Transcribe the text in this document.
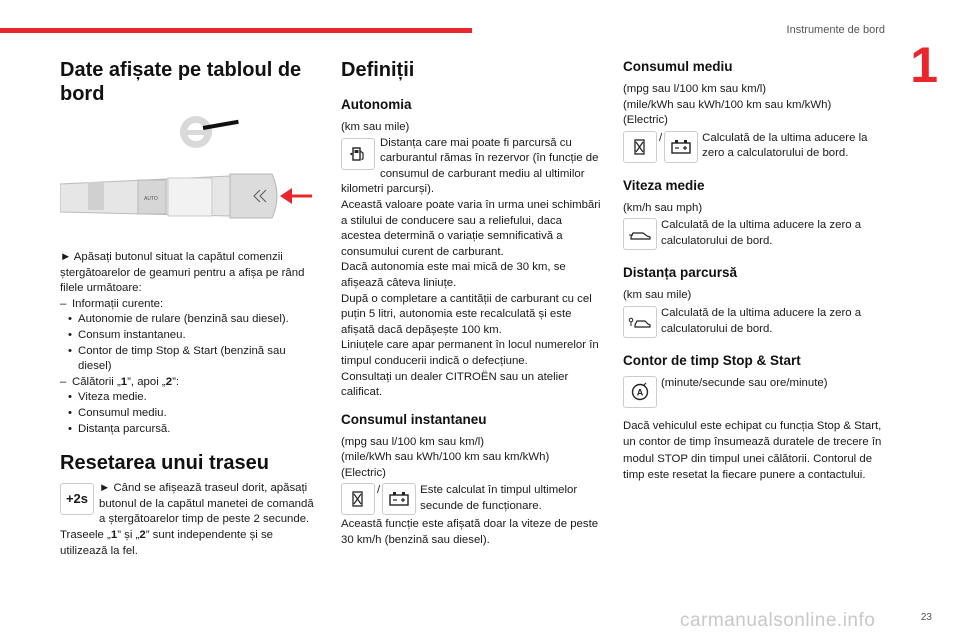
Instrumente de bord
1
Date afișate pe tabloul de bord
AUTO

► Apăsați butonul situat la capătul comenzii ștergătoarelor de geamuri pentru a afișa pe rând filele următoare:

– Informații curente:
• Autonomie de rulare (benzină sau diesel).
• Consum instantaneu.
• Contor de timp Stop & Start (benzină sau diesel)
– Călătorii „1”, apoi „2”:
• Viteza medie.
• Consumul mediu.
• Distanța parcursă.
Resetarea unui traseu
+2s

► Când se afișează traseul dorit, apăsați butonul de la capătul manetei de comandă a ștergătoarelor timp de peste 2 secunde.

Traseele „1” și „2” sunt independente și se utilizează la fel.

Definiții
Autonomia

(km sau mile)

Distanța care mai poate fi parcursă cu carburantul rămas în rezervor (în funcție de consumul de carburant mediu al ultimilor kilometri parcurși).

Această valoare poate varia în urma unei schimbări a stilului de conducere sau a reliefului, daca acestea determină o variație semnificativă a consumului curent de carburant.

Dacă autonomia este mai mică de 30 km, se afișează câteva liniuțe.

După o completare a cantității de carburant cu cel puțin 5 litri, autonomia este recalculată și este afișată dacă depășește 100 km.

Liniuțele care apar permanent în locul numerelor în timpul conducerii indică o defecțiune.

Consultați un dealer CITROËN sau un atelier calificat.

Consumul instantaneu

(mpg sau l/100 km sau km/l)

(mile/kWh sau kWh/100 km sau km/kWh)

(Electric)

/	Este calculat în timpul ultimelor secunde de funcționare.

Această funcție este afișată doar la viteze de peste 30 km/h (benzină sau diesel).

Consumul mediu

(mpg sau l/100 km sau km/l)

(mile/kWh sau kWh/100 km sau km/kWh)

(Electric)

/	Calculată de la ultima aducere la zero a calculatorului de bord.

Viteza medie

(km/h sau mph)

Calculată de la ultima aducere la zero a calculatorului de bord.

Distanța parcursă

(km sau mile)

Calculată de la ultima aducere la zero a calculatorului de bord.

Contor de timp Stop & Start
A

(minute/secunde sau ore/minute)

Dacă vehiculul este echipat cu funcția Stop & Start, un contor de timp însumează duratele de trecere în modul STOP din timpul unei călătorii. Contorul de timp este resetat la fiecare punere a contactului.

23
carmanualsonline.info
